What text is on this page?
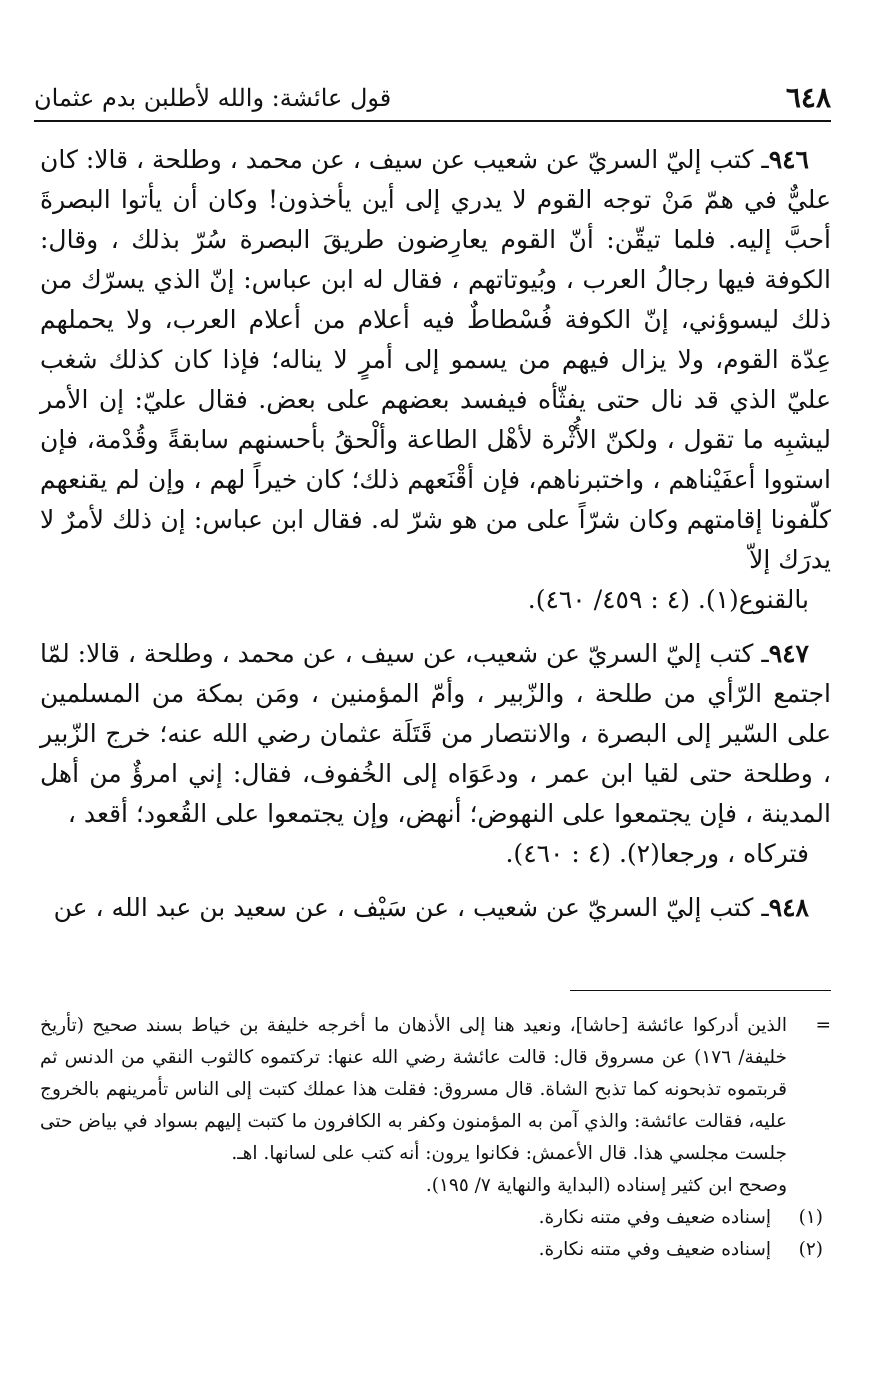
٦٤٨
قول عائشة: والله لأطلبن بدم عثمان

٩٤٦ـ كتب إليّ السريّ عن شعيب عن سيف ، عن محمد ، وطلحة ، قالا: كان عليٌّ في همّ مَنْ توجه القوم لا يدري إلى أين يأخذون! وكان أن يأتوا البصرةَ أحبَّ إليه. فلما تيقّن: أنّ القوم يعارِضون طريقَ البصرة سُرّ بذلك ، وقال: الكوفة فيها رجالُ العرب ، وبُيوتاتهم ، فقال له ابن عباس: إنّ الذي يسرّك من ذلك ليسوؤني، إنّ الكوفة فُسْطاطٌ فيه أعلام من أعلام العرب، ولا يحملهم عِدّة القوم، ولا يزال فيهم من يسمو إلى أمرٍ لا يناله؛ فإذا كان كذلك شغب عليّ الذي قد نال حتى يفثّأه فيفسد بعضهم على بعض. فقال عليّ: إن الأمر ليشبِه ما تقول ، ولكنّ الأُثْرة لأهْل الطاعة وألْحقُ بأحسنهم سابقةً وقُدْمة، فإن استووا أعفَيْناهم ، واختبرناهم، فإن أقْنَعهم ذلك؛ كان خيراً لهم ، وإن لم يقنعهم كلّفونا إقامتهم وكان شرّاً على من هو شرّ له. فقال ابن عباس: إن ذلك لأمرٌ لا يدرَك إلاّ
بالقنوع(١). (٤ : ٤٥٩/ ٤٦٠).

٩٤٧ـ كتب إليّ السريّ عن شعيب، عن سيف ، عن محمد ، وطلحة ، قالا: لمّا اجتمع الرّأي من طلحة ، والزّبير ، وأمّ المؤمنين ، ومَن بمكة من المسلمين على السّير إلى البصرة ، والانتصار من قَتَلَة عثمان رضي الله عنه؛ خرج الزّبير ، وطلحة حتى لقيا ابن عمر ، ودعَوَاه إلى الخُفوف، فقال: إني امرؤٌ من أهل المدينة ، فإن يجتمعوا على النهوض؛ أنهض، وإن يجتمعوا على القُعود؛ أقعد ،
فتركاه ، ورجعا(٢). (٤ : ٤٦٠).

٩٤٨ـ كتب إليّ السريّ عن شعيب ، عن سَيْف ، عن سعيد بن عبد الله ، عن

=
الذين أدركوا عائشة [حاشا]، ونعيد هنا إلى الأذهان ما أخرجه خليفة بن خياط بسند صحيح (تأريخ خليفة/ ١٧٦) عن مسروق قال: قالت عائشة رضي الله عنها: تركتموه كالثوب النقي من الدنس ثم قربتموه تذبحونه كما تذبح الشاة. قال مسروق: فقلت هذا عملك كتبت إلى الناس تأمرينهم بالخروج عليه، فقالت عائشة: والذي آمن به المؤمنون وكفر به الكافرون ما كتبت إليهم بسواد في بياض حتى جلست مجلسي هذا. قال الأعمش: فكانوا يرون: أنه كتب على لسانها. اهـ.
وصحح ابن كثير إسناده (البداية والنهاية ٧/ ١٩٥).
(١)
إسناده ضعيف وفي متنه نكارة.
(٢)
إسناده ضعيف وفي متنه نكارة.
